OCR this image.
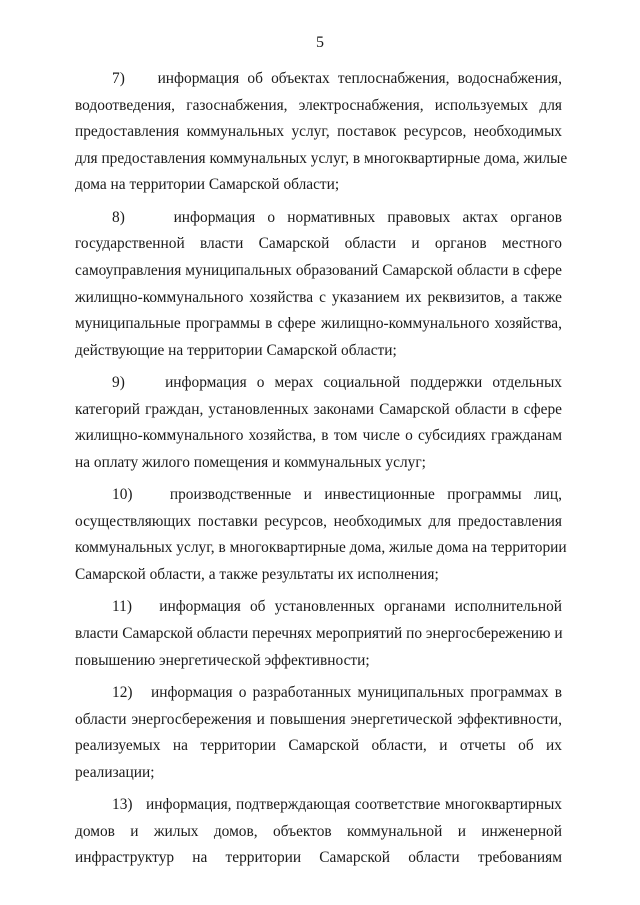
5
7)    информация об объектах теплоснабжения, водоснабжения,
водоотведения, газоснабжения, электроснабжения, используемых для
предоставления коммунальных услуг, поставок ресурсов, необходимых
для предоставления коммунальных услуг, в многоквартирные дома, жилые
дома на территории Самарской области;
8)    информация о нормативных правовых актах органов
государственной власти Самарской области и органов местного
самоуправления муниципальных образований Самарской области в сфере
жилищно-коммунального хозяйства с указанием их реквизитов, а также
муниципальные программы в сфере жилищно-коммунального хозяйства,
действующие на территории Самарской области;
9)    информация о мерах социальной поддержки отдельных
категорий граждан, установленных законами Самарской области в сфере
жилищно-коммунального хозяйства, в том числе о субсидиях гражданам
на оплату жилого помещения и коммунальных услуг;
10)   производственные и инвестиционные программы лиц,
осуществляющих поставки ресурсов, необходимых для предоставления
коммунальных услуг, в многоквартирные дома, жилые дома на территории
Самарской области, а также результаты их исполнения;
11)   информация об установленных органами исполнительной
власти Самарской области перечнях мероприятий по энергосбережению и
повышению энергетической эффективности;
12)   информация о разработанных муниципальных программах в
области энергосбережения и повышения энергетической эффективности,
реализуемых на территории Самарской области, и отчеты об их
реализации;
13)   информация, подтверждающая соответствие многоквартирных
домов и жилых домов, объектов коммунальной и инженерной
инфраструктур на территории Самарской области требованиям
